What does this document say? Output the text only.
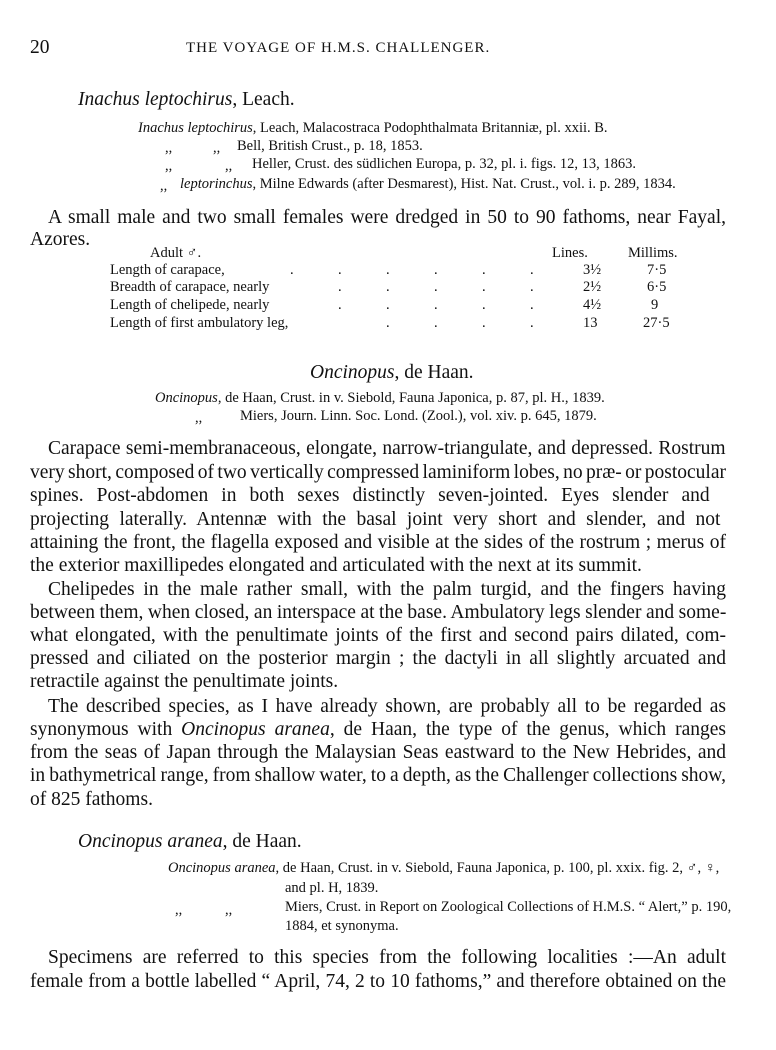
20	THE VOYAGE OF H.M.S. CHALLENGER.
Inachus leptochirus, Leach.
Inachus leptochirus, Leach, Malacostraca Podophthalmata Britanniæ, pl. xxii. B.
,,	,, Bell, British Crust., p. 18, 1853.
,,	,, Heller, Crust. des südlichen Europa, p. 32, pl. i. figs. 12, 13, 1863.
,, leptorinchus, Milne Edwards (after Desmarest), Hist. Nat. Crust., vol. i. p. 289, 1834.
A small male and two small females were dredged in 50 to 90 fathoms, near Fayal,
Azores.
Adult ♂.	Lines.	Millims.
Length of carapace,	3½	7·5
Breadth of carapace, nearly	2½	6·5
Length of chelipede, nearly	4½	9
Length of first ambulatory leg,	13	27·5
.
.
.
.
.
.
.
.
.
.
.
.
.
.
.
.
.
.
.
.
Oncinopus, de Haan.
Oncinopus, de Haan, Crust. in v. Siebold, Fauna Japonica, p. 87, pl. H., 1839.
,,	Miers, Journ. Linn. Soc. Lond. (Zool.), vol. xiv. p. 645, 1879.
Carapace semi-membranaceous, elongate, narrow-triangulate, and depressed. Rostrum
very short, composed of two vertically compressed laminiform lobes, no præ- or postocular
spines. Post-abdomen in both sexes distinctly seven-jointed. Eyes slender and
projecting laterally. Antennæ with the basal joint very short and slender, and not
attaining the front, the flagella exposed and visible at the sides of the rostrum ; merus of
the exterior maxillipedes elongated and articulated with the next at its summit.
Chelipedes in the male rather small, with the palm turgid, and the fingers having
between them, when closed, an interspace at the base. Ambulatory legs slender and some-
what elongated, with the penultimate joints of the first and second pairs dilated, com-
pressed and ciliated on the posterior margin ; the dactyli in all slightly arcuated and
retractile against the penultimate joints.
The described species, as I have already shown, are probably all to be regarded as
synonymous with Oncinopus aranea, de Haan, the type of the genus, which ranges
from the seas of Japan through the Malaysian Seas eastward to the New Hebrides, and
in bathymetrical range, from shallow water, to a depth, as the Challenger collections show,
of 825 fathoms.
Oncinopus aranea, de Haan.
Oncinopus aranea, de Haan, Crust. in v. Siebold, Fauna Japonica, p. 100, pl. xxix. fig. 2, ♂, ♀,
and pl. H, 1839.
,,	,,	Miers, Crust. in Report on Zoological Collections of H.M.S. “ Alert,” p. 190,
1884, et synonyma.
Specimens are referred to this species from the following localities :—An adult
female from a bottle labelled “ April, 74, 2 to 10 fathoms,” and therefore obtained on the
